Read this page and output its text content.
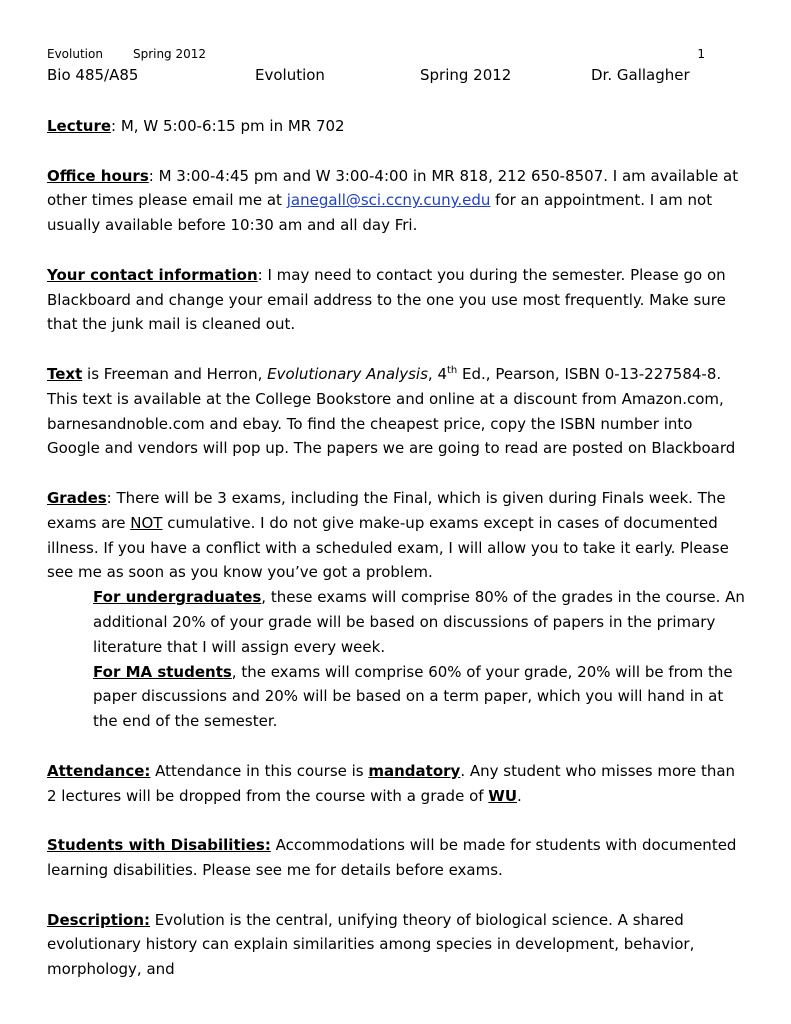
Evolution	Spring 2012	1
Bio 485/A85	Evolution	Spring 2012	Dr. Gallagher

Lecture: M, W 5:00-6:15 pm in MR 702

Office hours: M 3:00-4:45 pm and W 3:00-4:00 in MR 818, 212 650-8507. I am available at other times please email me at janegall@sci.ccny.cuny.edu for an appointment. I am not usually available before 10:30 am and all day Fri.

Your contact information: I may need to contact you during the semester. Please go on Blackboard and change your email address to the one you use most frequently. Make sure that the junk mail is cleaned out.

Text is Freeman and Herron, Evolutionary Analysis, 4th Ed., Pearson, ISBN 0-13-227584-8. This text is available at the College Bookstore and online at a discount from Amazon.com, barnesandnoble.com and ebay. To find the cheapest price, copy the ISBN number into Google and vendors will pop up. The papers we are going to read are posted on Blackboard

Grades: There will be 3 exams, including the Final, which is given during Finals week. The exams are NOT cumulative. I do not give make-up exams except in cases of documented illness. If you have a conflict with a scheduled exam, I will allow you to take it early. Please see me as soon as you know you’ve got a problem.

For undergraduates, these exams will comprise 80% of the grades in the course. An additional 20% of your grade will be based on discussions of papers in the primary literature that I will assign every week.

For MA students, the exams will comprise 60% of your grade, 20% will be from the paper discussions and 20% will be based on a term paper, which you will hand in at the end of the semester.

Attendance: Attendance in this course is mandatory. Any student who misses more than 2 lectures will be dropped from the course with a grade of WU.

Students with Disabilities: Accommodations will be made for students with documented learning disabilities. Please see me for details before exams.

Description: Evolution is the central, unifying theory of biological science. A shared evolutionary history can explain similarities among species in development, behavior, morphology, and
